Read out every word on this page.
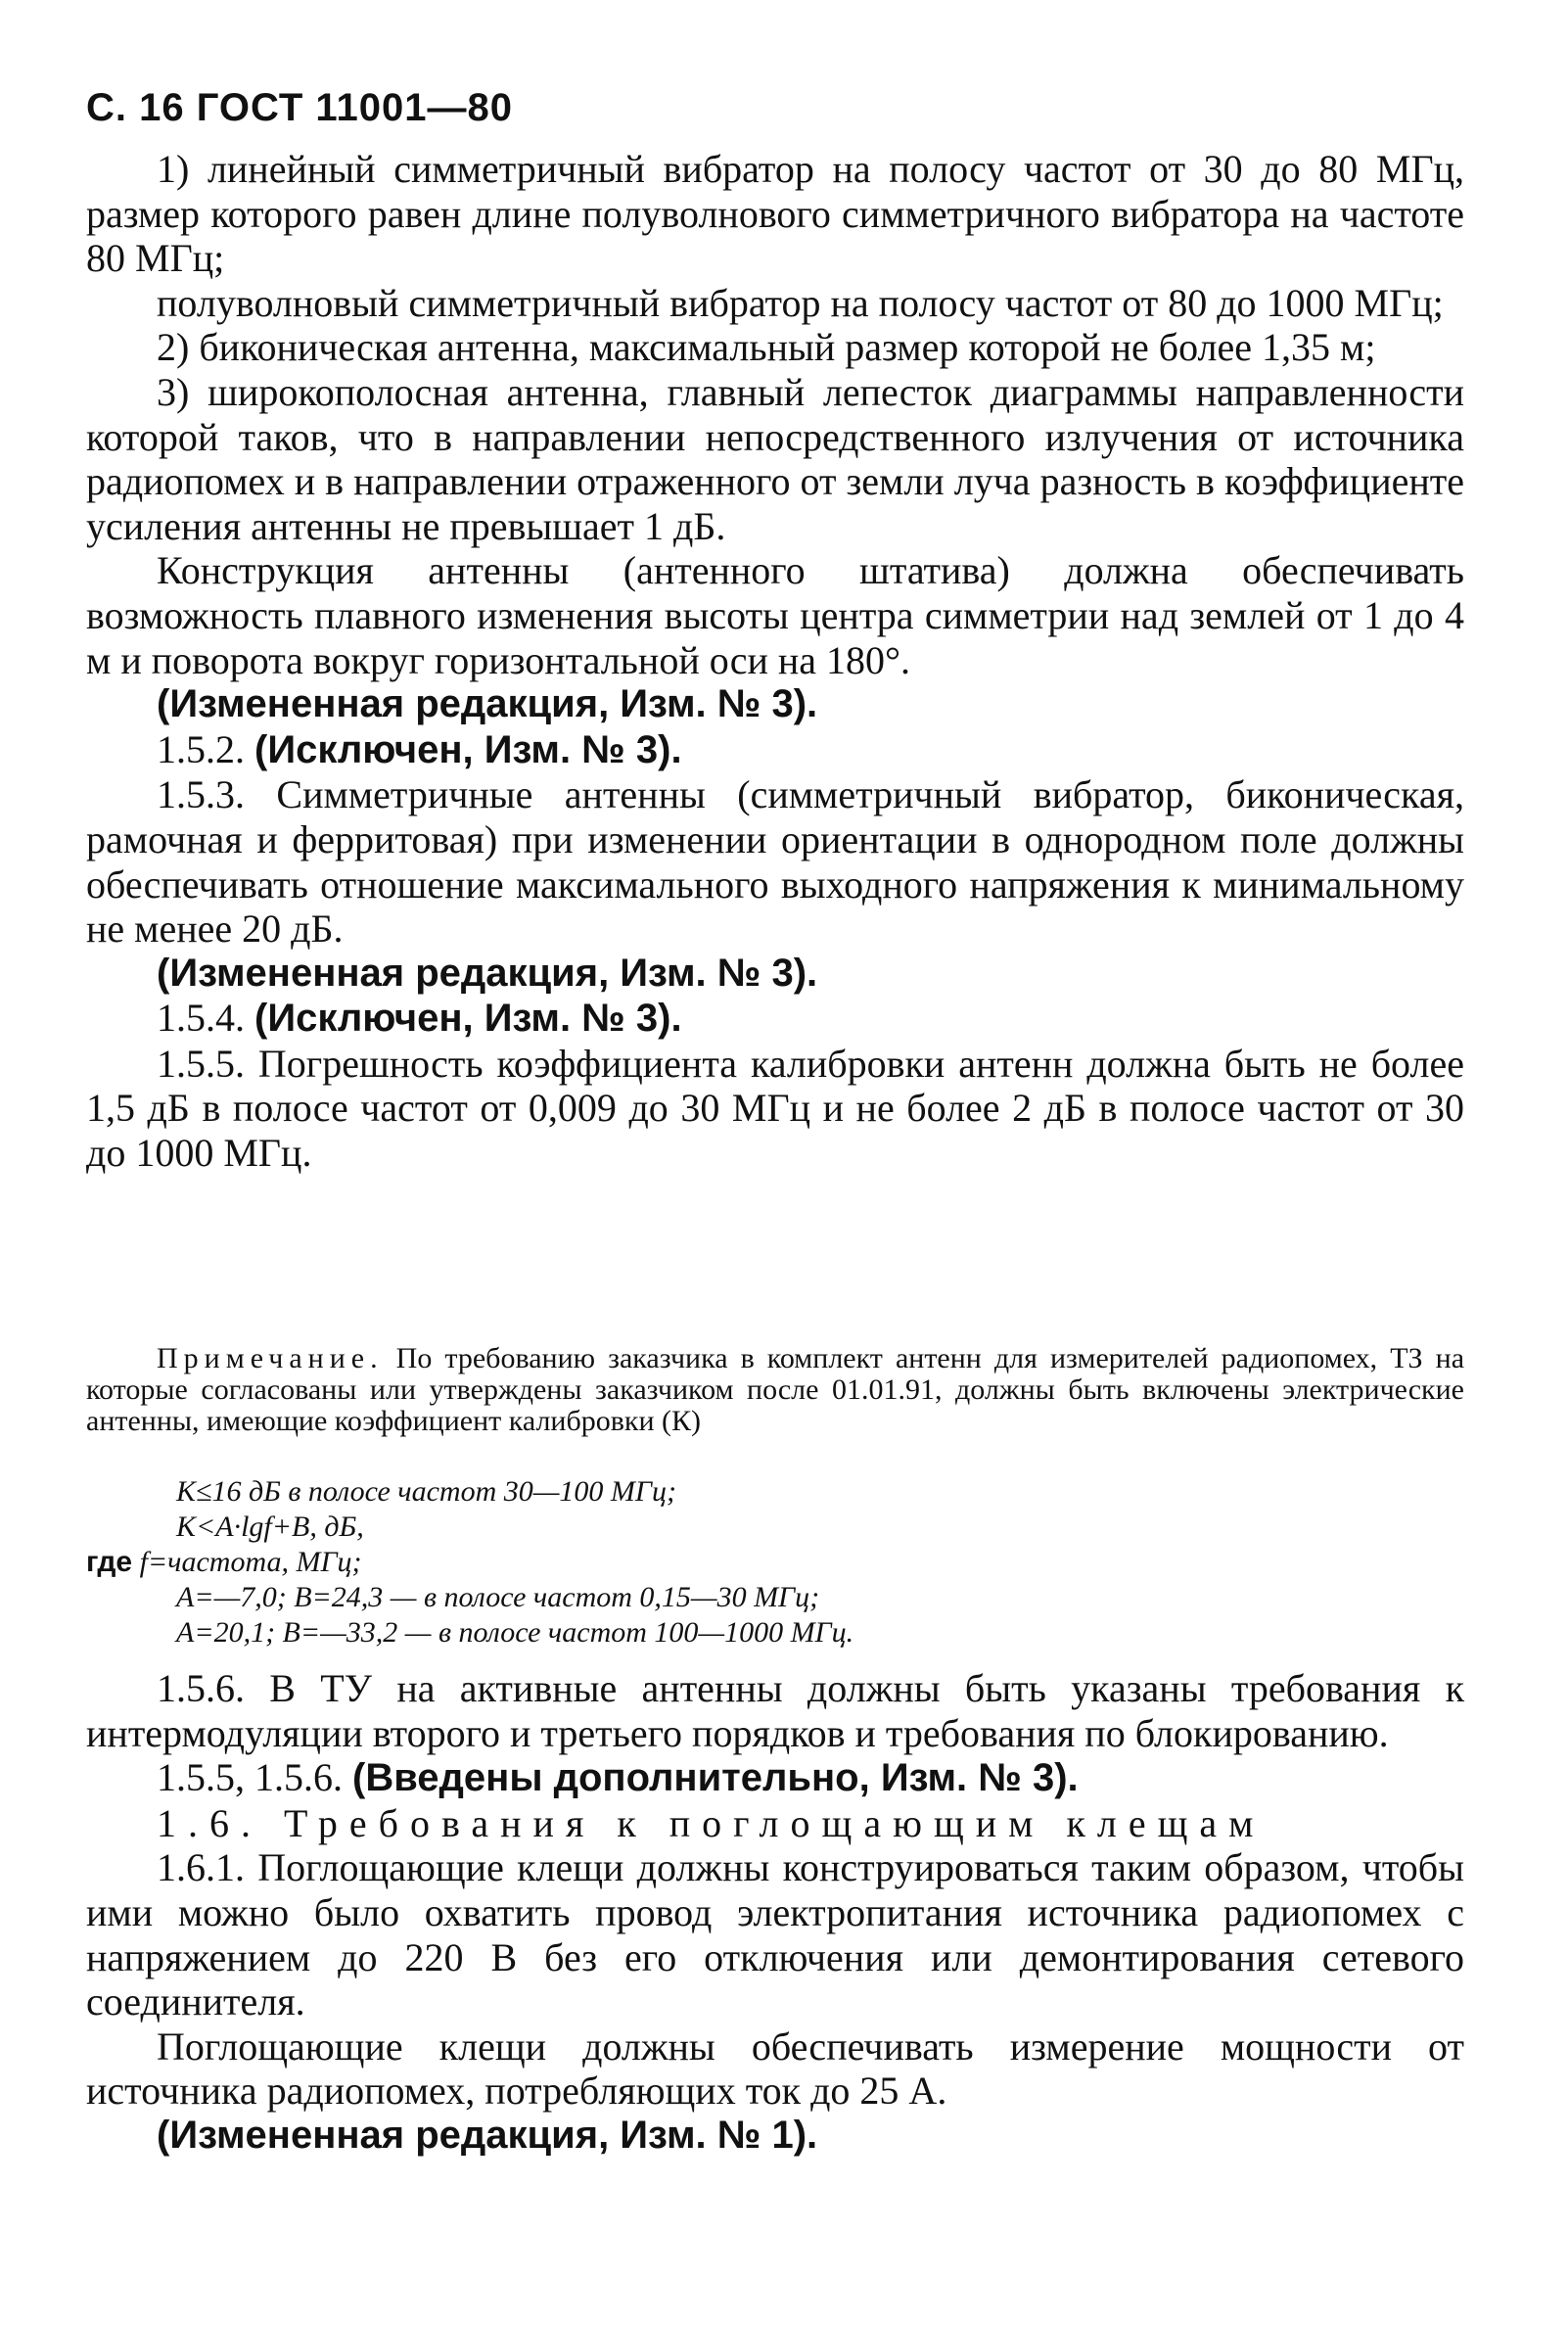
С. 16 ГОСТ 11001—80

1) линейный симметричный вибратор на полосу частот от 30 до 80 МГц, размер которого равен длине полуволнового симметричного вибратора на частоте 80 МГц;

полуволновый симметричный вибратор на полосу частот от 80 до 1000 МГц;

2) биконическая антенна, максимальный размер которой не более 1,35 м;

3) широкополосная антенна, главный лепесток диаграммы направленности которой таков, что в направлении непосредственного излучения от источника радиопомех и в направлении отраженного от земли луча разность в коэффициенте усиления антенны не превышает 1 дБ.

Конструкция антенны (антенного штатива) должна обеспечивать возможность плавного изменения высоты центра симметрии над землей от 1 до 4 м и поворота вокруг горизонтальной оси на 180°.

(Измененная редакция, Изм. № 3).

1.5.2. (Исключен, Изм. № 3).

1.5.3. Симметричные антенны (симметричный вибратор, биконическая, рамочная и ферритовая) при изменении ориентации в однородном поле должны обеспечивать отношение максимального выходного напряжения к минимальному не менее 20 дБ.

(Измененная редакция, Изм. № 3).

1.5.4. (Исключен, Изм. № 3).

1.5.5. Погрешность коэффициента калибровки антенн должна быть не более 1,5 дБ в полосе частот от 0,009 до 30 МГц и не более 2 дБ в полосе частот от 30 до 1000 МГц.

Примечание. По требованию заказчика в комплект антенн для измерителей радиопомех, ТЗ на которые согласованы или утверждены заказчиком после 01.01.91, должны быть включены электрические антенны, имеющие коэффициент калибровки (К)

K≤16 дБ в полосе частот 30—100 МГц;
K<A·lgf+B, дБ,
где f=частота, МГц;
A=—7,0; B=24,3 — в полосе частот 0,15—30 МГц;
A=20,1; B=—33,2 — в полосе частот 100—1000 МГц.

1.5.6. В ТУ на активные антенны должны быть указаны требования к интермодуляции второго и третьего порядков и требования по блокированию.

1.5.5, 1.5.6. (Введены дополнительно, Изм. № 3).

1.6. Требования к поглощающим клещам

1.6.1. Поглощающие клещи должны конструироваться таким образом, чтобы ими можно было охватить провод электропитания источника радиопомех с напряжением до 220 В без его отключения или демонтирования сетевого соединителя.

Поглощающие клещи должны обеспечивать измерение мощности от источника радиопомех, потребляющих ток до 25 А.

(Измененная редакция, Изм. № 1).
